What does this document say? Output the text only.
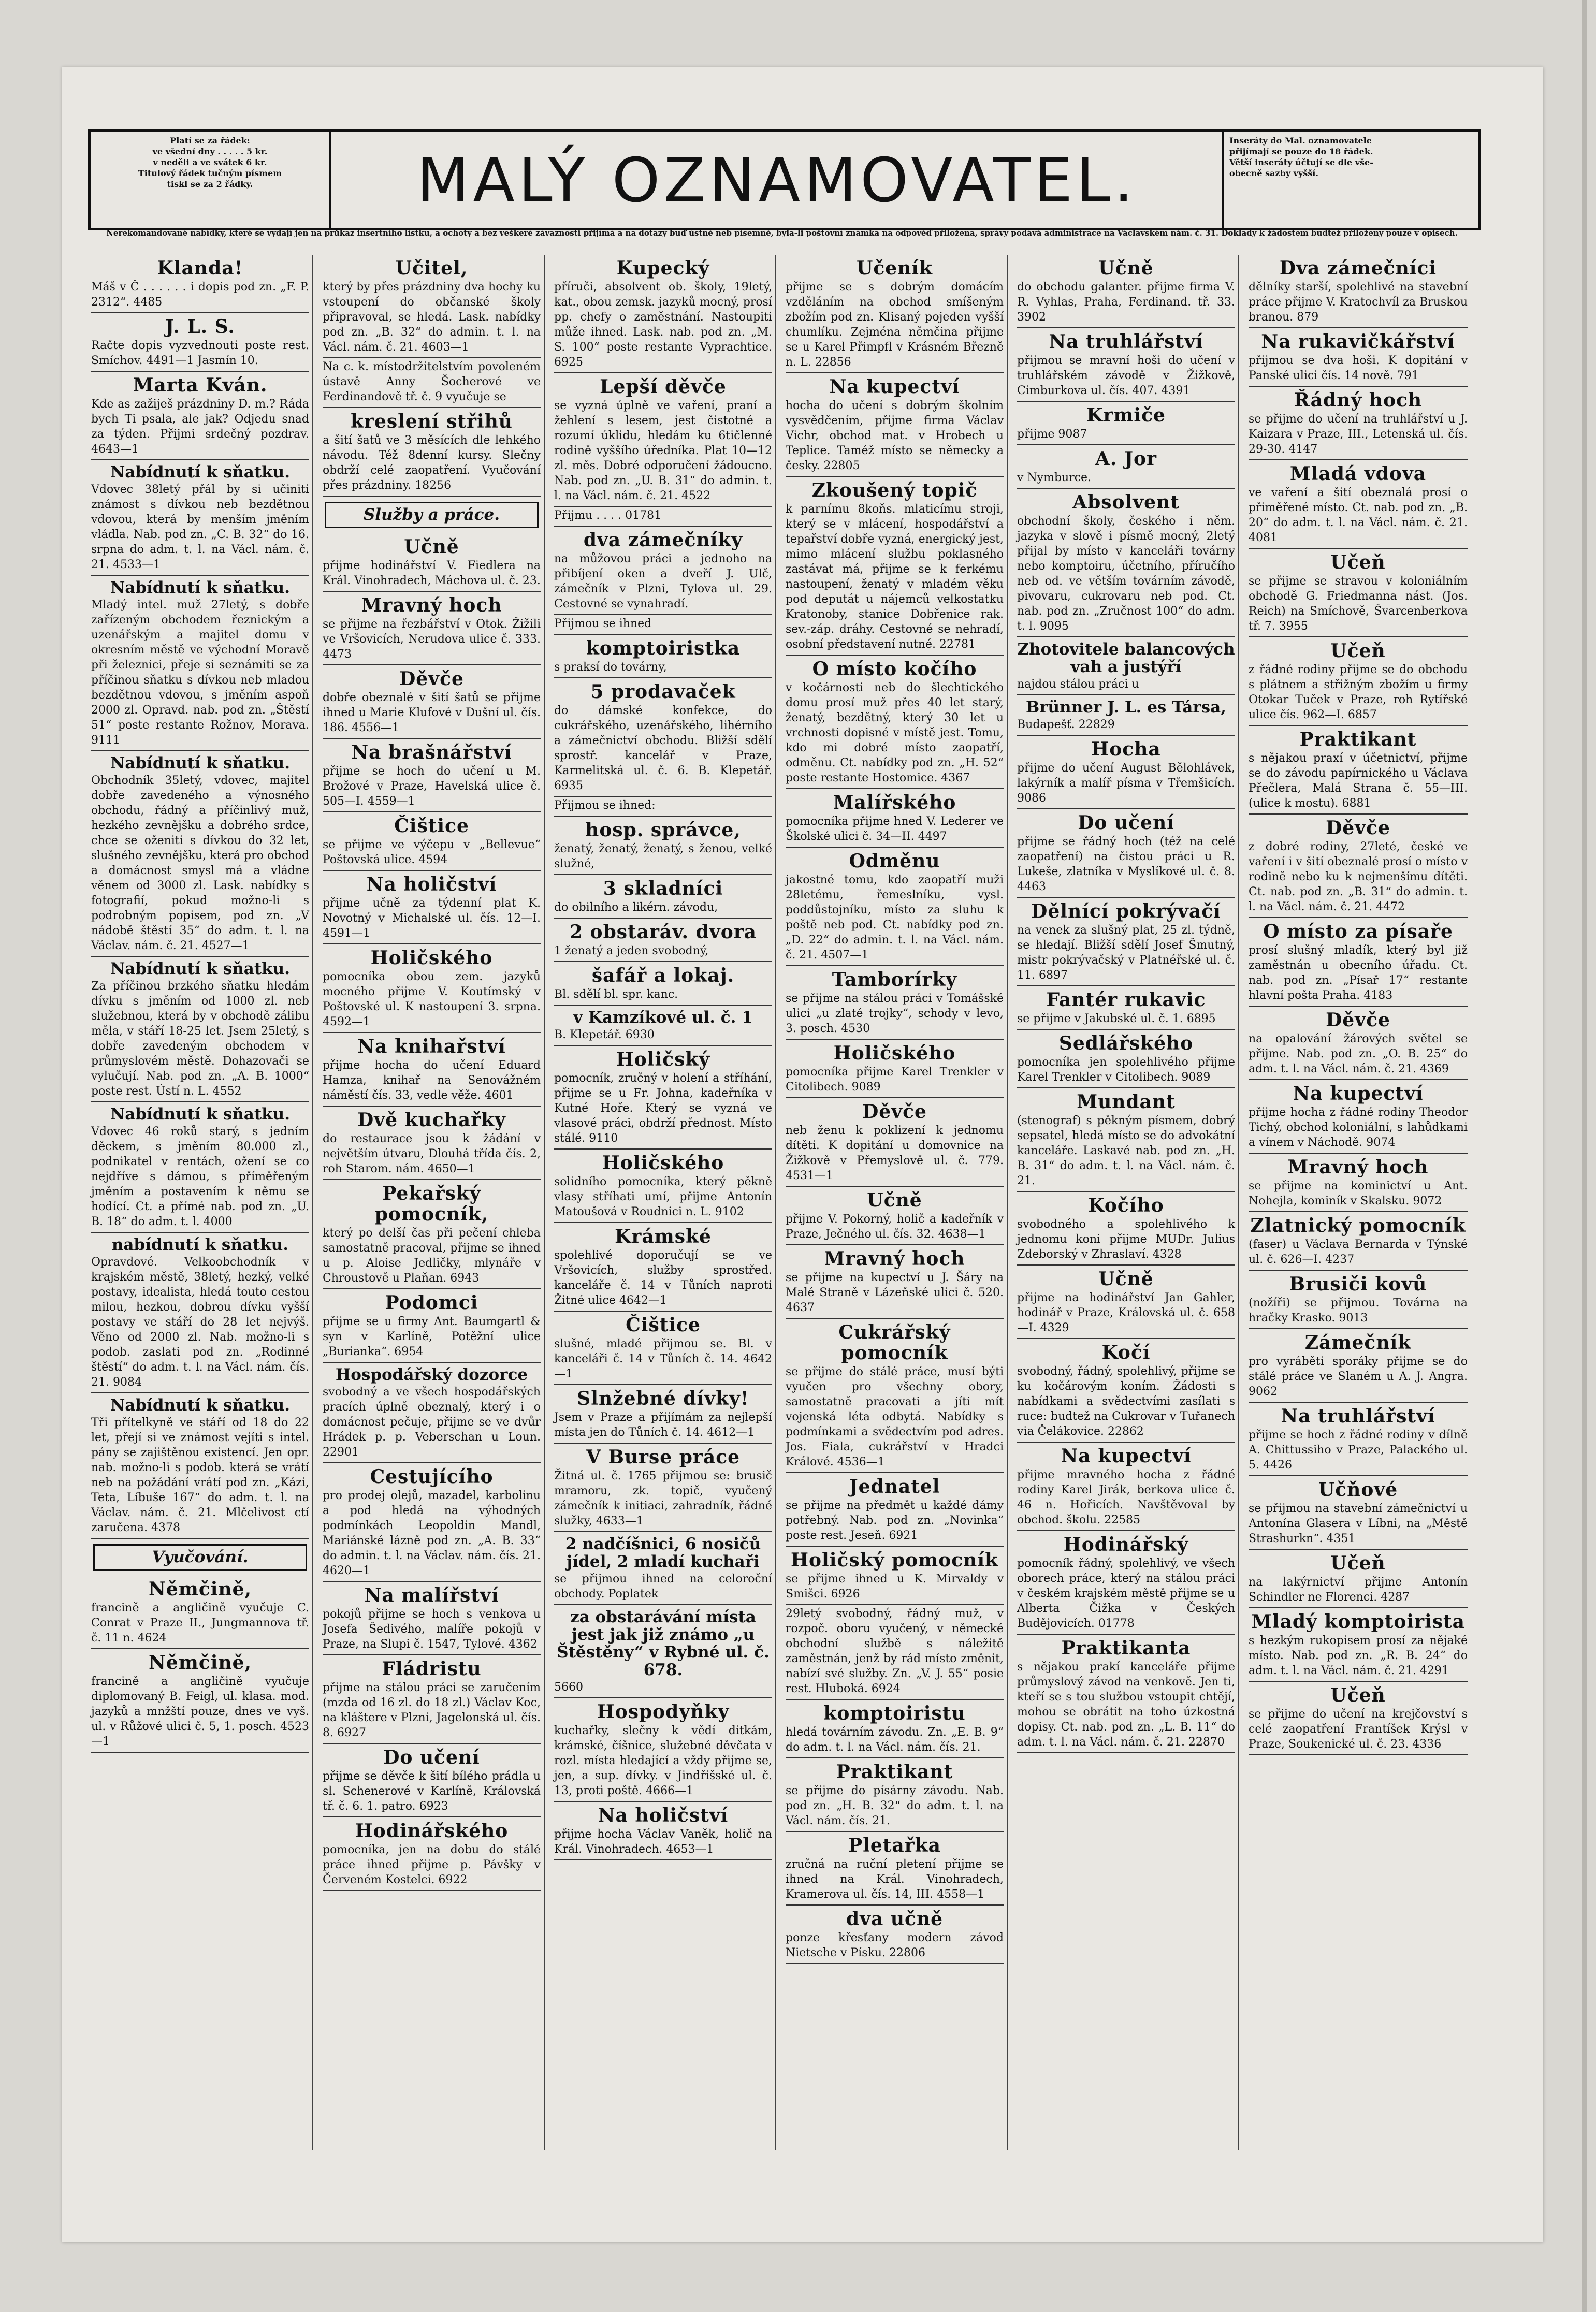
Platí se za řádek:
ve všední dny . . . . . 5 kr.
v neděli a ve svátek 6 kr.
Titulový řádek tučným písmem
tiskl se za 2 řádky.	MALÝ OZNAMOVATEL.
Inseráty do Mal. oznamovatele
přijímají se pouze do 18 řádek.
Větší inseráty účtují se dle vše-
obecně sazby vyšší.
Nerekomandované nabídky, které se vydají jen na průkaz insertního lístku, a ochoty a bez veškeré závaznosti přijímá a na dotazy buď ústně neb písemně, byla-li poštovní známka na odpověď přiložena, správy podává administrace na Václavském nám. č. 31. Doklady k žádostem budtež přiloženy pouze v opisech.
Klanda!

Máš v Č . . . . . . i dopis pod zn. „F. P. 2312“. 4485

J. L. S.

Račte dopis vyzvednouti poste rest. Smíchov. 4491—1 Jasmín 10.

Marta Kván.

Kde as zažiješ prázdniny D. m.? Ráda bych Ti psala, ale jak? Odjedu snad za týden. Přijmi srdečný pozdrav. 4643—1

Nabídnutí k sňatku.

Vdovec 38letý přál by si učiniti známost s dívkou neb bezdětnou vdovou, která by menším jměním vládla. Nab. pod zn. „C. B. 32“ do 16. srpna do adm. t. l. na Václ. nám. č. 21. 4533—1

Nabídnutí k sňatku.

Mladý intel. muž 27letý, s dobře zařízeným obchodem řeznickým a uzenářským a majitel domu v okresním městě ve východní Moravě při železnici, přeje si seznámiti se za příčinou sňatku s dívkou neb mladou bezdětnou vdovou, s jměním aspoň 2000 zl. Opravd. nab. pod zn. „Štěstí 51“ poste restante Rožnov, Morava. 9111

Nabídnutí k sňatku.

Obchodník 35letý, vdovec, majitel dobře zavedeného a výnosného obchodu, řádný a příčinlivý muž, hezkého zevnějšku a dobrého srdce, chce se oženiti s dívkou do 32 let, slušného zevnějšku, která pro obchod a domácnost smysl má a vládne věnem od 3000 zl. Lask. nabídky s fotografií, pokud možno-li s podrobným popisem, pod zn. „V nádobě štěstí 35“ do adm. t. l. na Václav. nám. č. 21. 4527—1

Nabídnutí k sňatku.

Za příčinou brzkého sňatku hledám dívku s jměním od 1000 zl. neb služebnou, která by v obchodě zálibu měla, v stáří 18-25 let. Jsem 25letý, s dobře zavedeným obchodem v průmyslovém městě. Dohazovači se vylučují. Nab. pod zn. „A. B. 1000“ poste rest. Ústí n. L. 4552

Nabídnutí k sňatku.

Vdovec 46 roků starý, s jedním děckem, s jměním 80.000 zl., podnikatel v rentách, ožení se co nejdříve s dámou, s příměřeným jměním a postavením k němu se hodící. Ct. a přímé nab. pod zn. „U. B. 18“ do adm. t. l. 4000

nabídnutí k sňatku.

Opravdové. Velkoobchodník v krajském městě, 38letý, hezký, velké postavy, idealista, hledá touto cestou milou, hezkou, dobrou dívku vyšší postavy ve stáří do 28 let nejvýš. Věno od 2000 zl. Nab. možno-li s podob. zaslati pod zn. „Rodinné štěstí“ do adm. t. l. na Václ. nám. čís. 21. 9084

Nabídnutí k sňatku.

Tři přítelkyně ve stáří od 18 do 22 let, přejí si ve známost vejíti s intel. pány se zajištěnou existencí. Jen opr. nab. možno-li s podob. která se vrátí neb na požádání vrátí pod zn. „Kázi, Teta, Líbuše 167“ do adm. t. l. na Václav. nám. č. 21. Mlčelivost ctí zaručena. 4378

Vyučování.
Němčině,

francině a angličině vyučuje C. Conrat v Praze II., Jungmannova tř. č. 11 n. 4624

Němčině,

francině a angličině vyučuje diplomovaný B. Feigl, ul. klasa. mod. jazyků a mnžští pouze, dnes ve vyš. ul. v Růžové ulici č. 5, 1. posch. 4523—1

Učitel,

který by přes prázdniny dva hochy ku vstoupení do občanské školy připravoval, se hledá. Lask. nabídky pod zn. „B. 32“ do admin. t. l. na Václ. nám. č. 21. 4603—1

Na c. k. místodržitelstvím povoleném ústavě Anny Šocherové ve Ferdinandově tř. č. 9 vyučuje se

kreslení střihů

a šití šatů ve 3 měsících dle lehkého návodu. Též 8denní kursy. Slečny obdrží celé zaopatření. Vyučování přes prázdniny. 18256

Služby a práce.
Učně

přijme hodinářství V. Fiedlera na Král. Vinohradech, Máchova ul. č. 23.

Mravný hoch

se přijme na řezbářství v Otok. Žižili ve Vršovicích, Nerudova ulice č. 333. 4473

Děvče

dobře obeznalé v šití šatů se přijme ihned u Marie Klufové v Dušní ul. čís. 186. 4556—1

Na brašnářství

přijme se hoch do učení u M. Brožové v Praze, Havelská ulice č. 505—I. 4559—1

Čištice

se přijme ve výčepu v „Bellevue“ Poštovská ulice. 4594

Na holičství

přijme učně za týdenní plat K. Novotný v Michalské ul. čís. 12—I. 4591—1

Holičského

pomocníka obou zem. jazyků mocného přijme V. Koutímský v Poštovské ul. K nastoupení 3. srpna. 4592—1

Na knihařství

přijme hocha do učení Eduard Hamza, knihař na Senovážném náměstí čís. 33, vedle věže. 4601

Dvě kuchařky

do restaurace jsou k žádání v největším útvaru, Dlouhá třída čís. 2, roh Starom. nám. 4650—1

Pekařský pomocník,

který po delší čas při pečení chleba samostatně pracoval, přijme se ihned u p. Aloise Jedličky, mlynáře v Chroustově u Plaňan. 6943

Podomci

přijme se u firmy Ant. Baumgartl & syn v Karlíně, Potěžní ulice „Burianka“. 6954

Hospodářský dozorce

svobodný a ve všech hospodářských pracích úplně obeznalý, který i o domácnost pečuje, přijme se ve dvůr Hrádek p. p. Veberschan u Loun. 22901

Cestujícího

pro prodej olejů, mazadel, karbolinu a pod hledá na výhodných podmínkách Leopoldin Mandl, Mariánské lázně pod zn. „A. B. 33“ do admin. t. l. na Václav. nám. čís. 21. 4620—1

Na malířství

pokojů přijme se hoch s venkova u Josefa Šedivého, malíře pokojů v Praze, na Slupi č. 1547, Tylové. 4362

Fládristu

přijme na stálou práci se zaručením (mzda od 16 zl. do 18 zl.) Václav Koc, na kláštere v Plzni, Jagelonská ul. čís. 8. 6927

Do učení

přijme se děvče k šití bílého prádla u sl. Schenerové v Karlíně, Královská tř. č. 6. 1. patro. 6923

Hodinářského

pomocníka, jen na dobu do stálé práce ihned přijme p. Pávšky v Červeném Kostelci. 6922

Kupecký

příruči, absolvent ob. školy, 19letý, kat., obou zemsk. jazyků mocný, prosí pp. chefy o zaměstnání. Nastoupiti může ihned. Lask. nab. pod zn. „M. S. 100“ poste restante Vyprachtice. 6925

Lepší děvče

se vyzná úplně ve vaření, praní a žehlení s lesem, jest čistotné a rozumí úklidu, hledám ku 6tičlenné rodině vyššího úředníka. Plat 10—12 zl. měs. Dobré odporučení žádoucno. Nab. pod zn. „U. B. 31“ do admin. t. l. na Václ. nám. č. 21. 4522

Přijmu . . . . 01781

dva zámečníky

na můžovou práci a jednoho na přibíjení oken a dveří J. Ulč, zámečník v Plzni, Tylova ul. 29. Cestovné se vynahradí.

Přijmou se ihned

komptoiristka

s praksí do továrny,

5 prodavaček

do dámské konfekce, do cukrářského, uzenářského, lihérního a zámečnictví obchodu. Bližší sdělí sprostř. kancelář v Praze, Karmelitská ul. č. 6. B. Klepetář. 6935

Přijmou se ihned:

hosp. správce,

ženatý, ženatý, ženatý, s ženou, velké služné,

3 skladníci

do obilního a likérn. závodu,

2 obstaráv. dvora

1 ženatý a jeden svobodný,

šafář a lokaj.

Bl. sdělí bl. spr. kanc.

v Kamzíkové ul. č. 1

B. Klepetář. 6930

Holičský

pomocník, zručný v holení a stříhání, přijme se u Fr. Johna, kadeřníka v Kutné Hoře. Který se vyzná ve vlasové práci, obdrží přednost. Místo stálé. 9110

Holičského

solidního pomocníka, který pěkně vlasy stříhati umí, přijme Antonín Matoušová v Roudnici n. L. 9102

Krámské

spolehlivé doporučují se ve Vršovicích, služby sprostřed. kanceláře č. 14 v Tůních naproti Žitné ulice 4642—1

Čištice

slušné, mladé přijmou se. Bl. v kanceláři č. 14 v Tůních č. 14. 4642—1

Slnžebné dívky!

Jsem v Praze a přijímám za nejlepší místa jen do Tůních č. 14. 4612—1

V Burse práce

Žitná ul. č. 1765 přijmou se: brusič mramoru, zk. topič, vyučený zámečník k initiaci, zahradník, řádné služky, 4633—1

2 nadčíšnici, 6 nosičů jídel, 2 mladí kuchaři

se přijmou ihned na celoroční obchody. Poplatek

za obstarávání místa jest jak již známo „u Štěstěny“ v Rybné ul. č. 678.

5660

Hospodyňky

kuchařky, slečny k vědí ditkám, krámské, číšnice, služebné děvčata v rozl. místa hledající a vždy přijme se, jen, a sup. dívky. v Jindřišské ul. č. 13, proti poště. 4666—1

Na holičství

přijme hocha Václav Vaněk, holič na Král. Vinohradech. 4653—1

Učeník

přijme se s dobrým domácím vzděláním na obchod smíšeným zbožím pod zn. Klisaný pojeden vyšší chumlíku. Zejména němčina přijme se u Karel Přimpfl v Krásném Březně n. L. 22856

Na kupectví

hocha do učení s dobrým školním vysvědčením, přijme firma Václav Vichr, obchod mat. v Hrobech u Teplice. Taméž místo se německy a česky. 22805

Zkoušený topič

k parnímu 8koňs. mlaticímu stroji, který se v mlácení, hospodářství a tepařství dobře vyzná, energický jest, mimo mlácení službu poklasného zastávat má, přijme se k ferkému nastoupení, ženatý v mladém věku pod deputát u nájemců velkostatku Kratonoby, stanice Dobřenice rak. sev.-záp. dráhy. Cestovné se nehradí, osobní představení nutné. 22781

O místo kočího

v kočárnosti neb do šlechtického domu prosí muž přes 40 let starý, ženatý, bezdětný, který 30 let u vrchnosti dopisné v místě jest. Tomu, kdo mi dobré místo zaopatří, odměnu. Ct. nabídky pod zn. „H. 52“ poste restante Hostomice. 4367

Malířského

pomocníka přijme hned V. Lederer ve Školské ulici č. 34—II. 4497

Odměnu

jakostné tomu, kdo zaopatří muži 28letému, řemeslníku, vysl. poddůstojníku, místo za sluhu k poště neb pod. Ct. nabídky pod zn. „D. 22“ do admin. t. l. na Václ. nám. č. 21. 4507—1

Tamborírky

se přijme na stálou práci v Tomášské ulici „u zlaté trojky“, schody v levo, 3. posch. 4530

Holičského

pomocníka přijme Karel Trenkler v Citolibech. 9089

Děvče

neb ženu k poklizení k jednomu dítěti. K dopitání u domovnice na Žižkově v Přemyslově ul. č. 779. 4531—1

Učně

přijme V. Pokorný, holič a kadeřník v Praze, Ječného ul. čís. 32. 4638—1

Mravný hoch

se přijme na kupectví u J. Šáry na Malé Straně v Lázeňské ulici č. 520. 4637

Cukrářský pomocník

se přijme do stálé práce, musí býti vyučen pro všechny obory, samostatně pracovati a jíti mít vojenská léta odbytá. Nabídky s podmínkami a svědectvím pod adres. Jos. Fiala, cukrářství v Hradci Králové. 4536—1

Jednatel

se přijme na předmět u každé dámy potřebný. Nab. pod zn. „Novinka“ poste rest. Jeseň. 6921

Holičský pomocník

se přijme ihned u K. Mirvaldy v Smišci. 6926

29letý svobodný, řádný muž, v rozpoč. oboru vyučený, v německé obchodní službě s náležitě zaměstnán, jenž by rád místo změnit, nabízí své služby. Zn. „V. J. 55“ posie rest. Hluboká. 6924

komptoiristu

hledá továrním závodu. Zn. „E. B. 9“ do adm. t. l. na Václ. nám. čís. 21.

Praktikant

se přijme do písárny závodu. Nab. pod zn. „H. B. 32“ do adm. t. l. na Václ. nám. čís. 21.

Pletařka

zručná na ruční pletení přijme se ihned na Král. Vinohradech, Kramerova ul. čís. 14, III. 4558—1

dva učně

ponze křesťany modern závod Nietsche v Písku. 22806

Učně

do obchodu galanter. přijme firma V. R. Vyhlas, Praha, Ferdinand. tř. 33. 3902

Na truhlářství

přijmou se mravní hoši do učení v truhlářském závodě v Žižkově, Cimburkova ul. čís. 407. 4391

Krmiče

přijme 9087

A. Jor

v Nymburce.

Absolvent

obchodní školy, českého i něm. jazyka v slově i písmě mocný, 2letý přijal by místo v kanceláři továrny nebo komptoiru, účetního, příručího neb od. ve větším továrním závodě, pivovaru, cukrovaru neb pod. Ct. nab. pod zn. „Zručnost 100“ do adm. t. l. 9095

Zhotovitele balancových vah a justýří

najdou stálou práci u

Brünner J. L. es Társa,

Budapešť. 22829

Hocha

přijme do učení August Bělohlávek, lakýrník a malíř písma v Třemšicích. 9086

Do učení

přijme se řádný hoch (též na celé zaopatření) na čistou práci u R. Lukeše, zlatníka v Myslíkové ul. č. 8. 4463

Dělnící pokrývačí

na venek za slušný plat, 25 zl. týdně, se hledají. Bližší sdělí Josef Šmutný, mistr pokrývačský v Platnéřské ul. č. 11. 6897

Fantér rukavic

se přijme v Jakubské ul. č. 1. 6895

Sedlářského

pomocníka jen spolehlivého přijme Karel Trenkler v Citolibech. 9089

Mundant

(stenograf) s pěkným písmem, dobrý sepsatel, hledá místo se do advokátní kanceláře. Laskavé nab. pod zn. „H. B. 31“ do adm. t. l. na Václ. nám. č. 21.

Kočího

svobodného a spolehlivého k jednomu koni přijme MUDr. Julius Zdeborský v Zhraslaví. 4328

Učně

přijme na hodinářství Jan Gahler, hodinář v Praze, Královská ul. č. 658—I. 4329

Kočí

svobodný, řádný, spolehlivý, přijme se ku kočárovým koním. Žádosti s nabídkami a svědectvími zasílati s ruce: budtež na Cukrovar v Tuřanech via Čelákovice. 22862

Na kupectví

přijme mravného hocha z řádné rodiny Karel Jirák, berkova ulice č. 46 n. Hořicích. Navštěvoval by obchod. školu. 22585

Hodinářský

pomocník řádný, spolehlivý, ve všech oborech práce, který na stálou práci v českém krajském městě přijme se u Alberta Čižka v Českých Budějovicích. 01778

Praktikanta

s nějakou prakí kanceláře přijme průmyslový závod na venkově. Jen ti, kteří se s tou službou vstoupit chtějí, mohou se obrátit na toho úzkostná dopisy. Ct. nab. pod zn. „L. B. 11“ do adm. t. l. na Václ. nám. č. 21. 22870

Dva zámečníci

dělníky starší, spolehlivé na stavební práce přijme V. Kratochvíl za Bruskou branou. 879

Na rukavičkářství

přijmou se dva hoši. K dopitání v Panské ulici čís. 14 nově. 791

Řádný hoch

se přijme do učení na truhlářství u J. Kaizara v Praze, III., Letenská ul. čís. 29-30. 4147

Mladá vdova

ve vaření a šití obeznalá prosí o přiměřené místo. Ct. nab. pod zn. „B. 20“ do adm. t. l. na Václ. nám. č. 21. 4081

Učeň

se přijme se stravou v koloniálním obchodě G. Friedmanna nást. (Jos. Reich) na Smíchově, Švarcenberkova tř. 7. 3955

Učeň

z řádné rodiny přijme se do obchodu s plátnem a střižným zbožím u firmy Otokar Tuček v Praze, roh Rytířské ulice čís. 962—I. 6857

Praktikant

s nějakou praxí v účetnictví, přijme se do závodu papírnického u Václava Přečlera, Malá Strana č. 55—III. (ulice k mostu). 6881

Děvče

z dobré rodiny, 27leté, české ve vaření i v šití obeznalé prosí o místo v rodině nebo ku k nejmenšímu dítěti. Ct. nab. pod zn. „B. 31“ do admin. t. l. na Václ. nám. č. 21. 4472

O místo za písaře

prosí slušný mladík, který byl již zaměstnán u obecního úřadu. Ct. nab. pod zn. „Písař 17“ restante hlavní pošta Praha. 4183

Děvče

na opalování žárových světel se přijme. Nab. pod zn. „O. B. 25“ do adm. t. l. na Václ. nám. č. 21. 4369

Na kupectví

přijme hocha z řádné rodiny Theodor Tichý, obchod koloniální, s lahůdkami a vínem v Náchodě. 9074

Mravný hoch

se přijme na kominictví u Ant. Nohejla, kominík v Skalsku. 9072

Zlatnický pomocník

(faser) u Václava Bernarda v Týnské ul. č. 626—I. 4237

Brusiči kovů

(nožíři) se přijmou. Továrna na hračky Krasko. 9013

Zámečník

pro vyráběti sporáky přijme se do stálé práce ve Slaném u A. J. Angra. 9062

Na truhlářství

přijme se hoch z řádné rodiny v dílně A. Chittussiho v Praze, Palackého ul. 5. 4426

Učňové

se přijmou na stavební zámečnictví u Antonína Glasera v Líbni, na „Městě Strashurkn“. 4351

Učeň

na lakýrnictví přijme Antonín Schindler ne Florenci. 4287

Mladý komptoirista

s hezkým rukopisem prosí za nějaké místo. Nab. pod zn. „R. B. 24“ do adm. t. l. na Václ. nám. č. 21. 4291

Učeň

se přijme do učení na krejčovství s celé zaopatření Frantíšek Krýsl v Praze, Soukenické ul. č. 23. 4336
